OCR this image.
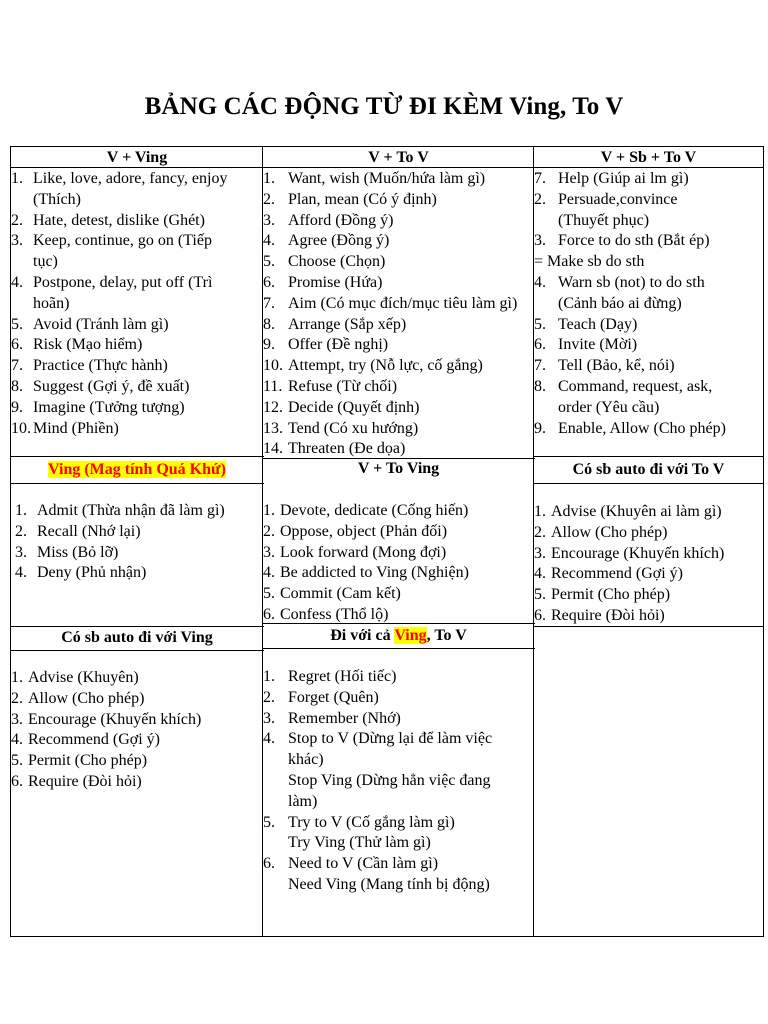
BẢNG CÁC ĐỘNG TỪ ĐI KÈM Ving, To V
V + Ving
1. Like, love, adore, fancy, enjoy
(Thích)
2. Hate, detest, dislike (Ghét)
3. Keep, continue, go on (Tiếp
tục)
4. Postpone, delay, put off (Trì
hoãn)
5. Avoid (Tránh làm gì)
6. Risk (Mạo hiểm)
7. Practice (Thực hành)
8. Suggest (Gợi ý, đề xuất)
9. Imagine (Tưởng tượng)
10. Mind (Phiền)
Ving (Mag tính Quá Khứ)
1. Admit (Thừa nhận đã làm gì)
2. Recall (Nhớ lại)
3. Miss (Bỏ lỡ)
4. Deny (Phủ nhận)
Có sb auto đi với Ving
1. Advise (Khuyên)
2. Allow (Cho phép)
3. Encourage (Khuyến khích)
4. Recommend (Gợi ý)
5. Permit (Cho phép)
6. Require (Đòi hỏi)
V + To V
1. Want, wish (Muốn/hứa làm gì)
2. Plan, mean (Có ý định)
3. Afford (Đồng ý)
4. Agree (Đồng ý)
5. Choose (Chọn)
6. Promise (Hứa)
7. Aim (Có mục đích/mục tiêu làm gì)
8. Arrange (Sắp xếp)
9. Offer (Đề nghị)
10. Attempt, try (Nỗ lực, cố gắng)
11. Refuse (Từ chối)
12. Decide (Quyết định)
13. Tend (Có xu hướng)
14. Threaten (Đe dọa)
V + To Ving
1. Devote, dedicate (Cống hiến)
2. Oppose, object (Phản đối)
3. Look forward (Mong đợi)
4. Be addicted to Ving (Nghiện)
5. Commit (Cam kết)
6. Confess (Thổ lộ)
Đi với cả Ving, To V
1. Regret (Hối tiếc)
2. Forget (Quên)
3. Remember (Nhớ)
4. Stop to V (Dừng lại để làm việc
khác)
Stop Ving (Dừng hẳn việc đang
làm)
5. Try to V (Cố gắng làm gì)
Try Ving (Thử làm gì)
6. Need to V (Cần làm gì)
Need Ving (Mang tính bị động)
V + Sb + To V
7. Help (Giúp ai lm gì)
2. Persuade,convince
(Thuyết phục)
3. Force to do sth (Bắt ép)
= Make sb do sth
4. Warn sb (not) to do sth
(Cảnh báo ai đừng)
5. Teach (Dạy)
6. Invite (Mời)
7. Tell (Bảo, kể, nói)
8. Command, request, ask,
order (Yêu cầu)
9. Enable, Allow (Cho phép)
Có sb auto đi với To V
1. Advise (Khuyên ai làm gì)
2. Allow (Cho phép)
3. Encourage (Khuyến khích)
4. Recommend (Gợi ý)
5. Permit (Cho phép)
6. Require (Đòi hỏi)
